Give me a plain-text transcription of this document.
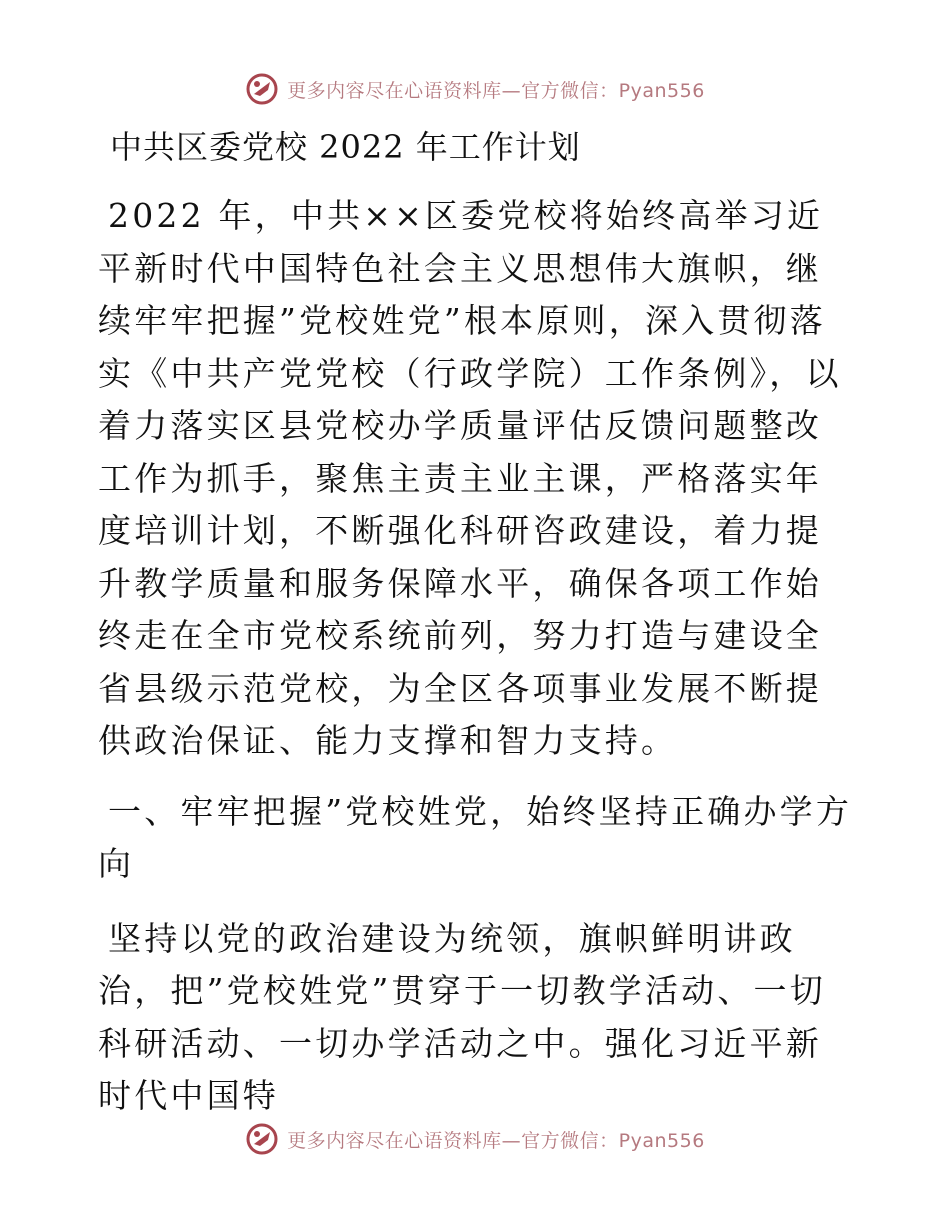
更多内容尽在心语资料库—官方微信：Pyan556
中共区委党校 2022 年工作计划

2022 年，中共××区委党校将始终高举习近平新时代中国特色社会主义思想伟大旗帜，继续牢牢把握”党校姓党”根本原则，深入贯彻落实《中共产党党校（行政学院）工作条例》，以着力落实区县党校办学质量评估反馈问题整改工作为抓手，聚焦主责主业主课，严格落实年度培训计划，不断强化科研咨政建设，着力提升教学质量和服务保障水平，确保各项工作始终走在全市党校系统前列，努力打造与建设全省县级示范党校，为全区各项事业发展不断提供政治保证、能力支撑和智力支持。

一、牢牢把握”党校姓党，始终坚持正确办学方向

坚持以党的政治建设为统领，旗帜鲜明讲政治，把”党校姓党”贯穿于一切教学活动、一切科研活动、一切办学活动之中。强化习近平新时代中国特

更多内容尽在心语资料库—官方微信：Pyan556
